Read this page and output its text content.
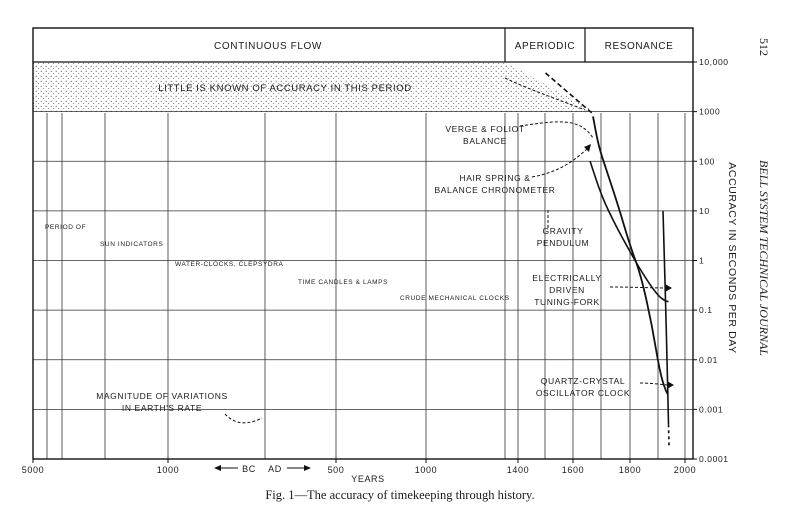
CONTINUOUS FLOW	APERIODIC	RESONANCE
LITTLE IS KNOWN OF ACCURACY IN THIS PERIOD
PERIOD OF
SUN INDICATORS
WATER-CLOCKS, CLEPSYDRA
TIME CANDLES & LAMPS
CRUDE MECHANICAL CLOCKS
VERGE & FOLIOT
BALANCE
HAIR SPRING &
BALANCE CHRONOMETER
GRAVITY
PENDULUM
ELECTRICALLY
DRIVEN
TUNING-FORK
QUARTZ-CRYSTAL
OSCILLATOR CLOCK
MAGNITUDE OF VARIATIONS
IN EARTH'S RATE
10,000
1000
100
10
1
0.1
0.01
0.001
0.0001
5000	1000	500	1000	1400	1600	1800	2000
BC AD
YEARS
ACCURACY IN SECONDS PER DAY
512
BELL SYSTEM TECHNICAL JOURNAL
Fig. 1—The accuracy of timekeeping through history.
